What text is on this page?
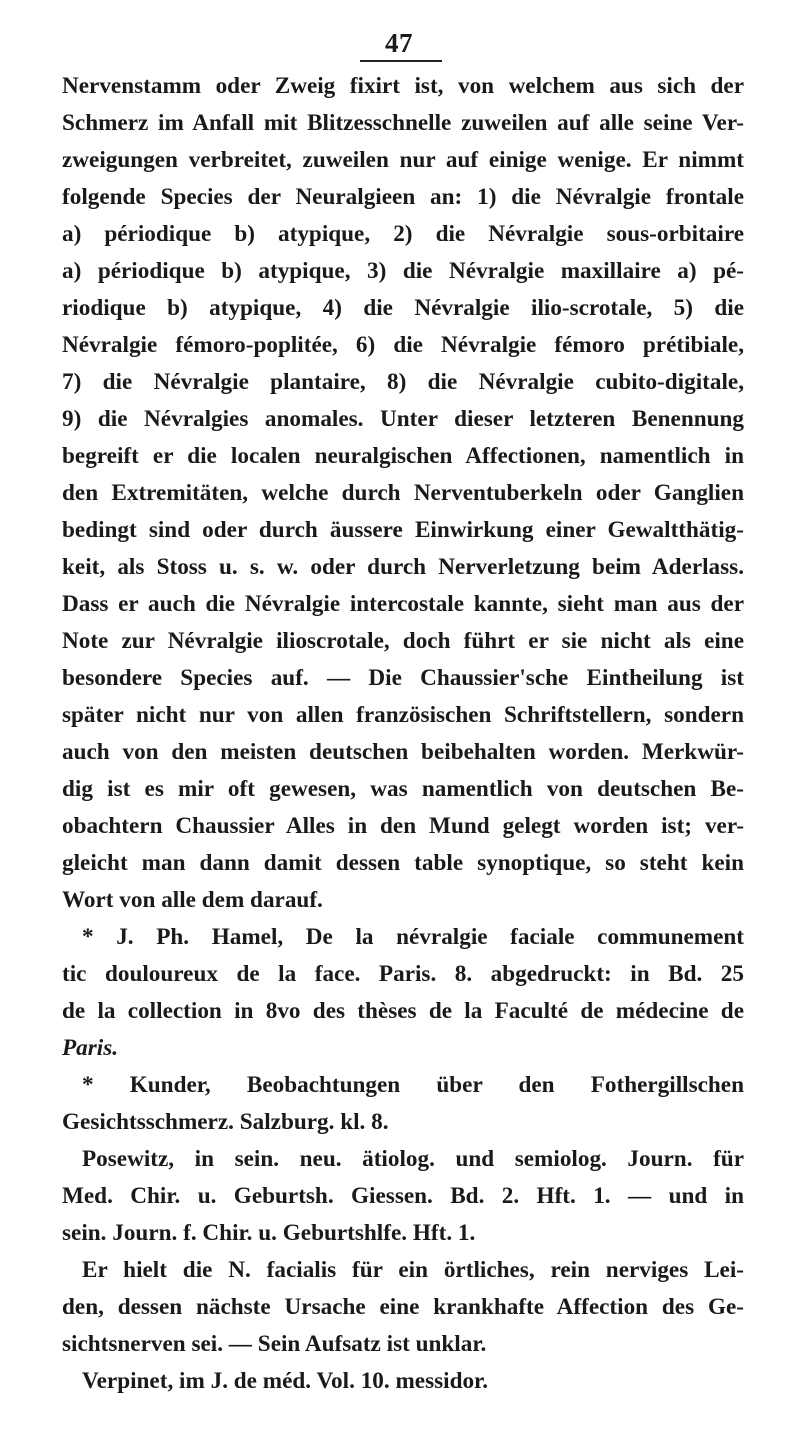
47
Nervenstamm oder Zweig fixirt ist, von welchem aus sich der
Schmerz im Anfall mit Blitzesschnelle zuweilen auf alle seine Ver-
zweigungen verbreitet, zuweilen nur auf einige wenige. Er nimmt
folgende Species der Neuralgieen an: 1) die Névralgie frontale
a) périodique b) atypique, 2) die Névralgie sous-orbitaire
a) périodique b) atypique, 3) die Névralgie maxillaire a) pé-
riodique b) atypique, 4) die Névralgie ilio-scrotale, 5) die
Névralgie fémoro-poplitée, 6) die Névralgie fémoro prétibiale,
7) die Névralgie plantaire, 8) die Névralgie cubito-digitale,
9) die Névralgies anomales. Unter dieser letzteren Benennung
begreift er die localen neuralgischen Affectionen, namentlich in
den Extremitäten, welche durch Nerventuberkeln oder Ganglien
bedingt sind oder durch äussere Einwirkung einer Gewaltthätig-
keit, als Stoss u. s. w. oder durch Nerverletzung beim Aderlass.
Dass er auch die Névralgie intercostale kannte, sieht man aus der
Note zur Névralgie ilioscrotale, doch führt er sie nicht als eine
besondere Species auf. — Die Chaussier'sche Eintheilung ist
später nicht nur von allen französischen Schriftstellern, sondern
auch von den meisten deutschen beibehalten worden. Merkwür-
dig ist es mir oft gewesen, was namentlich von deutschen Be-
obachtern Chaussier Alles in den Mund gelegt worden ist; ver-
gleicht man dann damit dessen table synoptique, so steht kein
Wort von alle dem darauf.
* J. Ph. Hamel, De la névralgie faciale communement
tic douloureux de la face. Paris. 8. abgedruckt: in Bd. 25
de la collection in 8vo des thèses de la Faculté de médecine de
Paris.
* Kunder, Beobachtungen über den Fothergillschen
Gesichtsschmerz. Salzburg. kl. 8.
Posewitz, in sein. neu. ätiolog. und semiolog. Journ. für
Med. Chir. u. Geburtsh. Giessen. Bd. 2. Hft. 1. — und in
sein. Journ. f. Chir. u. Geburtshlfe. Hft. 1.
Er hielt die N. facialis für ein örtliches, rein nerviges Lei-
den, dessen nächste Ursache eine krankhafte Affection des Ge-
sichtsnerven sei. — Sein Aufsatz ist unklar.
Verpinet, im J. de méd. Vol. 10. messidor.
